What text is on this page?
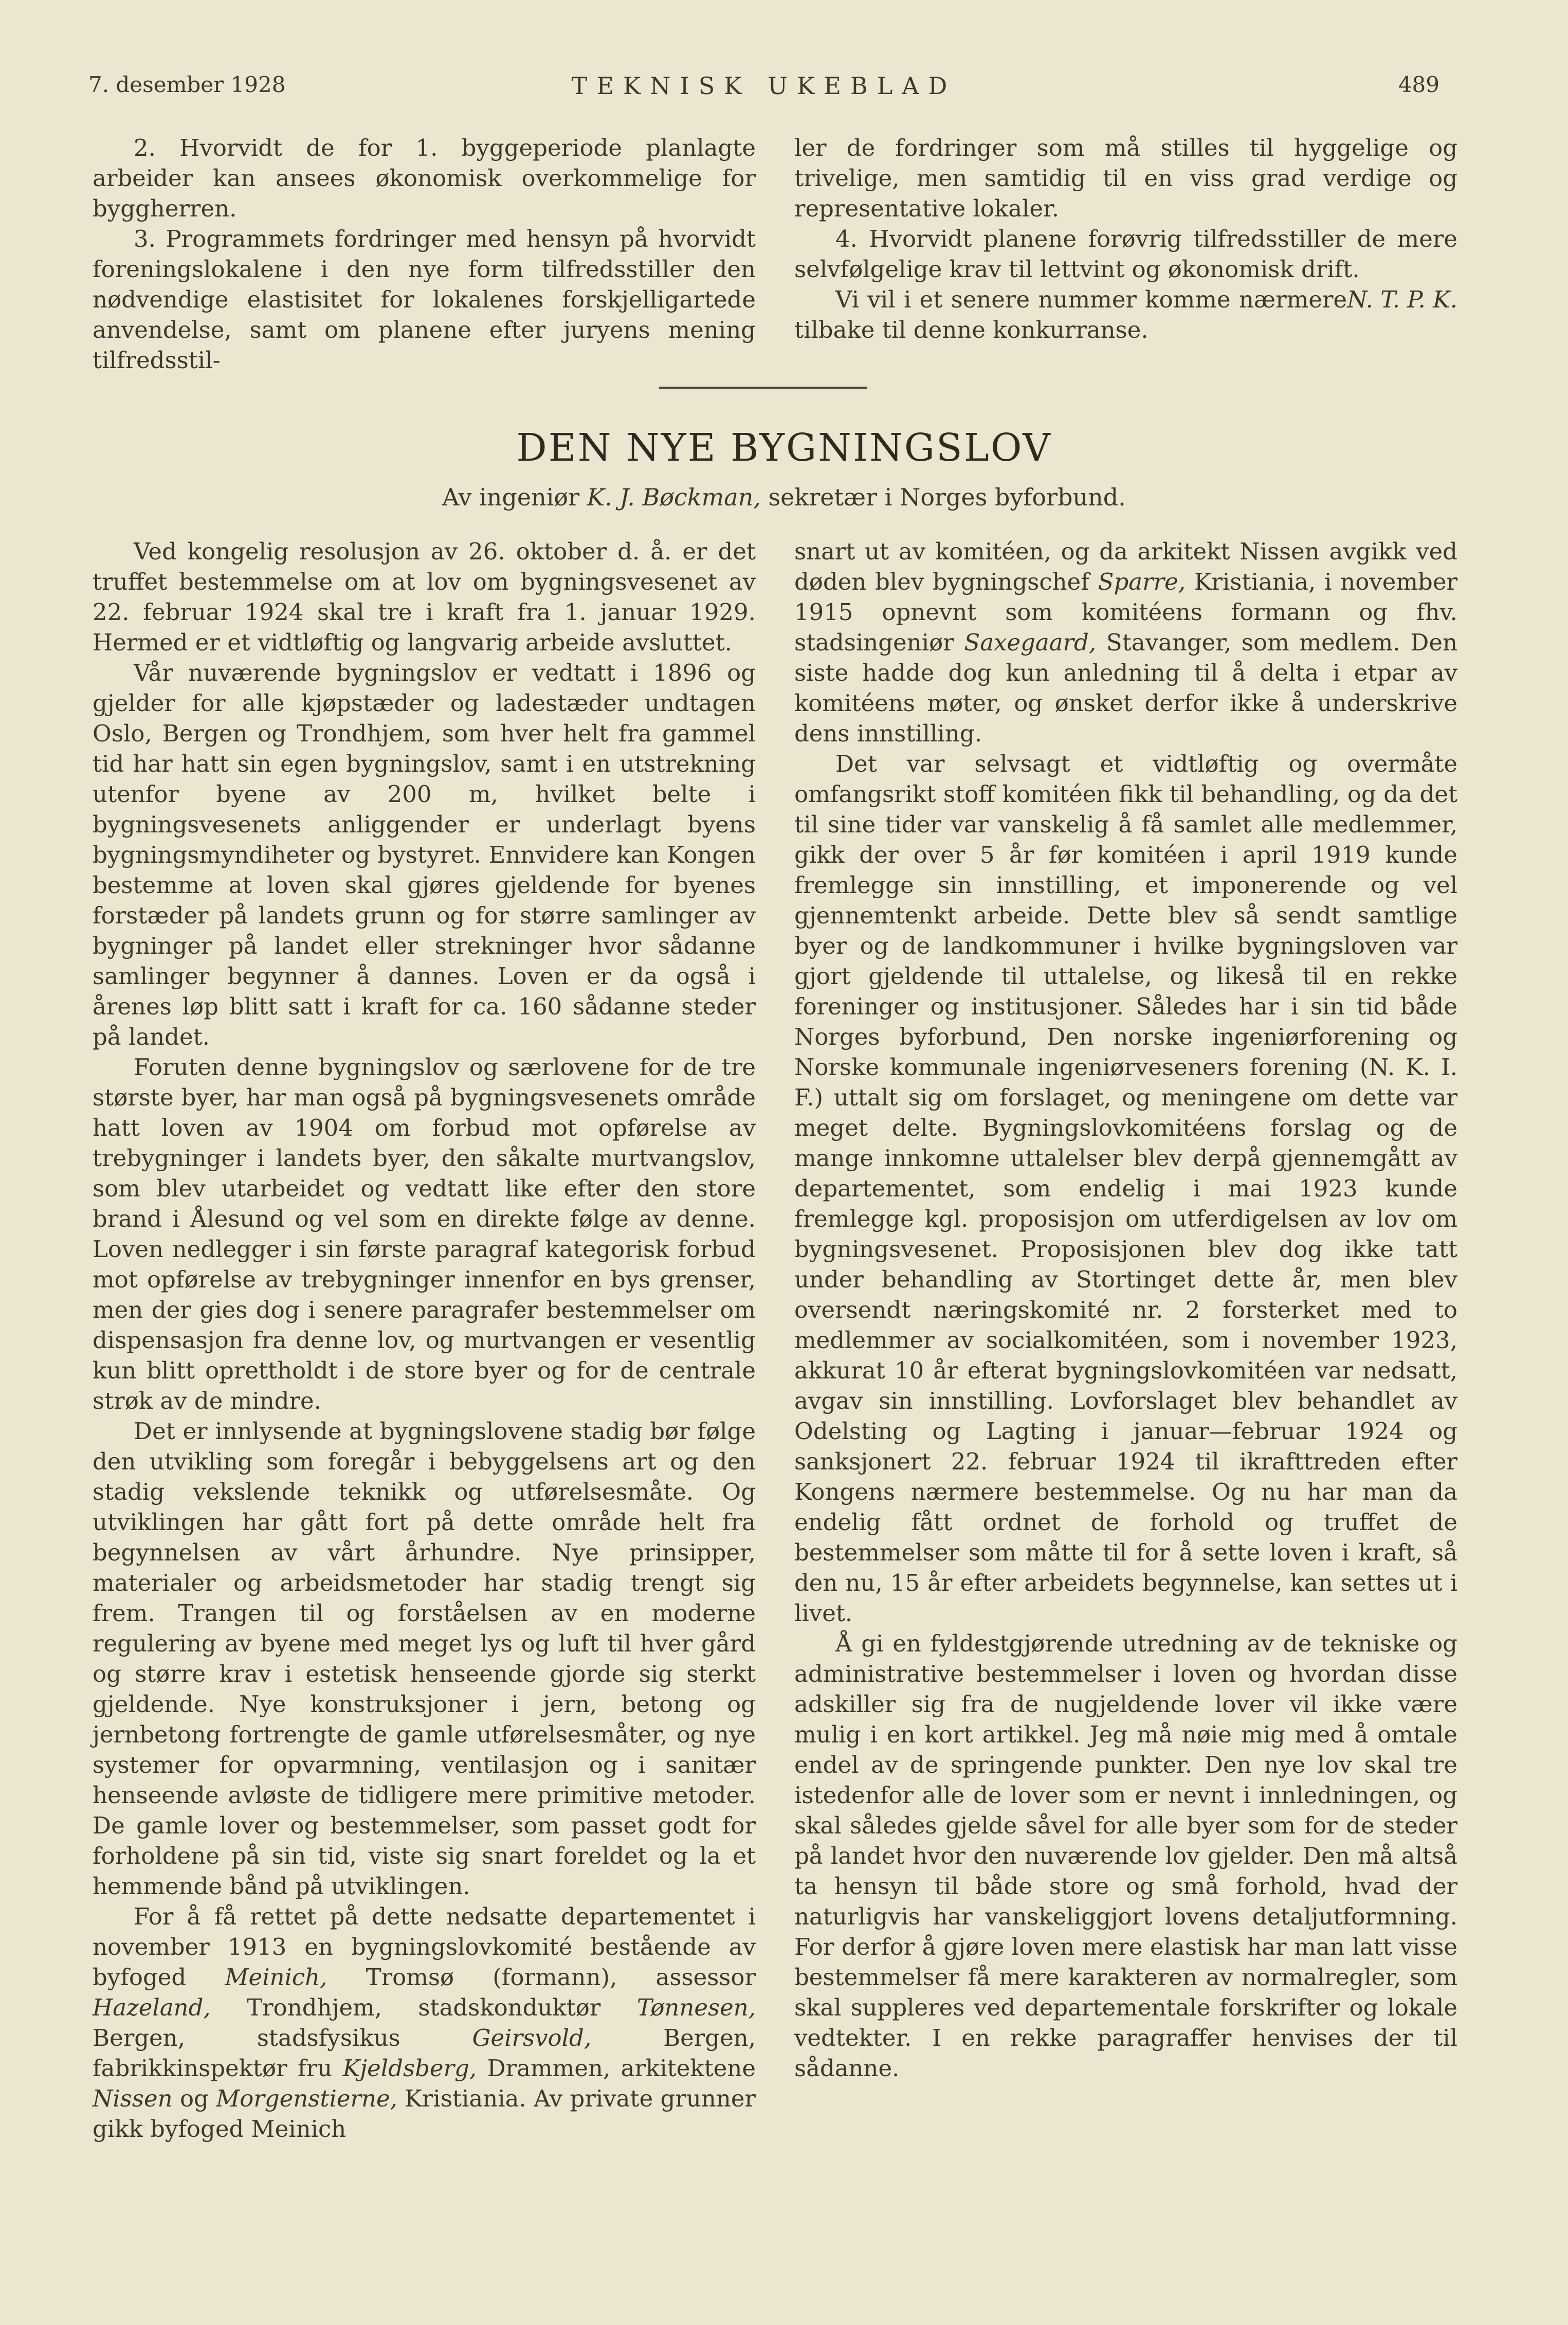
7. desember 1928	TEKNISK UKEBLAD	489

2. Hvorvidt de for 1. byggeperiode planlagte arbeider kan ansees økonomisk overkommelige for byggherren.

3. Programmets fordringer med hensyn på hvorvidt foreningslokalene i den nye form tilfredsstiller den nødvendige elastisitet for lokalenes forskjelligartede anvendelse, samt om planene efter juryens mening tilfredsstil-

ler de fordringer som må stilles til hyggelige og trivelige, men samtidig til en viss grad verdige og representative lokaler.

4. Hvorvidt planene forøvrig tilfredsstiller de mere selvfølgelige krav til lettvint og økonomisk drift.

N. T. P. K.
Vi vil i et senere nummer komme nærmere tilbake til denne konkurranse.

DEN NYE BYGNINGSLOV
Av ingeniør K. J. Bøckman, sekretær i Norges byforbund.

Ved kongelig resolusjon av 26. oktober d. å. er det truffet bestemmelse om at lov om bygningsvesenet av 22. februar 1924 skal tre i kraft fra 1. januar 1929. Hermed er et vidtløftig og langvarig arbeide avsluttet.

Vår nuværende bygningslov er vedtatt i 1896 og gjelder for alle kjøpstæder og ladestæder undtagen Oslo, Bergen og Trondhjem, som hver helt fra gammel tid har hatt sin egen bygningslov, samt i en utstrekning utenfor byene av 200 m, hvilket belte i bygningsvesenets anliggender er underlagt byens bygningsmyndiheter og bystyret. Ennvidere kan Kongen bestemme at loven skal gjøres gjeldende for byenes forstæder på landets grunn og for større samlinger av bygninger på landet eller strekninger hvor sådanne samlinger begynner å dannes. Loven er da også i årenes løp blitt satt i kraft for ca. 160 sådanne steder på landet.

Foruten denne bygningslov og særlovene for de tre største byer, har man også på bygningsvesenets område hatt loven av 1904 om forbud mot opførelse av trebygninger i landets byer, den såkalte murtvangslov, som blev utarbeidet og vedtatt like efter den store brand i Ålesund og vel som en direkte følge av denne. Loven nedlegger i sin første paragraf kategorisk forbud mot opførelse av trebygninger innenfor en bys grenser, men der gies dog i senere paragrafer bestemmelser om dispensasjon fra denne lov, og murtvangen er vesentlig kun blitt oprettholdt i de store byer og for de centrale strøk av de mindre.

Det er innlysende at bygningslovene stadig bør følge den utvikling som foregår i bebyggelsens art og den stadig vekslende teknikk og utførelsesmåte. Og utviklingen har gått fort på dette område helt fra begynnelsen av vårt århundre. Nye prinsipper, materialer og arbeidsmetoder har stadig trengt sig frem. Trangen til og forståelsen av en moderne regulering av byene med meget lys og luft til hver gård og større krav i estetisk henseende gjorde sig sterkt gjeldende. Nye konstruksjoner i jern, betong og jernbetong fortrengte de gamle utførelsesmåter, og nye systemer for opvarmning, ventilasjon og i sanitær henseende avløste de tidligere mere primitive metoder. De gamle lover og bestemmelser, som passet godt for forholdene på sin tid, viste sig snart foreldet og la et hemmende bånd på utviklingen.

For å få rettet på dette nedsatte departementet i november 1913 en bygningslovkomité bestående av byfoged Meinich, Tromsø (formann), assessor Hazeland, Trondhjem, stadskonduktør Tønnesen, Bergen, stadsfysikus	Geirsvold,	Bergen, fabrikkinspektør fru Kjeldsberg, Drammen, arkitektene Nissen og Morgenstierne, Kristiania. Av private grunner gikk byfoged Meinich

snart ut av komitéen, og da arkitekt Nissen avgikk ved døden blev bygningschef Sparre, Kristiania, i november 1915 opnevnt som komitéens formann og fhv. stadsingeniør Saxegaard, Stavanger, som medlem. Den siste hadde dog kun anledning til å delta i etpar av komitéens møter, og ønsket derfor ikke å underskrive dens innstilling.

Det var selvsagt et vidtløftig og overmåte omfangsrikt stoff komitéen fikk til behandling, og da det til sine tider var vanskelig å få samlet alle medlemmer, gikk der over 5 år før komitéen i april 1919 kunde fremlegge sin innstilling, et imponerende og vel gjennemtenkt arbeide. Dette blev så sendt samtlige byer og de landkommuner i hvilke bygningsloven var gjort gjeldende til uttalelse, og likeså til en rekke foreninger og institusjoner. Således har i sin tid både Norges byforbund, Den norske ingeniørforening og Norske kommunale ingeniørveseners forening (N. K. I. F.) uttalt sig om forslaget, og meningene om dette var meget delte. Bygningslovkomitéens forslag og de mange innkomne uttalelser blev derpå gjennemgått av departementet, som endelig i mai 1923 kunde fremlegge kgl. proposisjon om utferdigelsen av lov om bygningsvesenet. Proposisjonen blev dog ikke tatt under behandling av Stortinget dette år, men blev oversendt næringskomité nr. 2 forsterket med to medlemmer av socialkomitéen, som i november 1923, akkurat 10 år efterat bygningslovkomitéen var nedsatt, avgav sin innstilling. Lovforslaget blev behandlet av Odelsting og Lagting i januar—februar 1924 og sanksjonert 22. februar 1924 til ikrafttreden efter Kongens nærmere bestemmelse. Og nu har man da endelig fått ordnet de forhold og truffet de bestemmelser som måtte til for å sette loven i kraft, så den nu, 15 år efter arbeidets begynnelse, kan settes ut i livet.

Å gi en fyldestgjørende utredning av de tekniske og administrative bestemmelser i loven og hvordan disse adskiller sig fra de nugjeldende lover vil ikke være mulig i en kort artikkel. Jeg må nøie mig med å omtale endel av de springende punkter. Den nye lov skal tre istedenfor alle de lover som er nevnt i innledningen, og skal således gjelde såvel for alle byer som for de steder på landet hvor den nuværende lov gjelder. Den må altså ta hensyn til både store og små forhold, hvad der naturligvis har vanskeliggjort lovens detaljutformning. For derfor å gjøre loven mere elastisk har man latt visse bestemmelser få mere karakteren av normalregler, som skal suppleres ved departementale forskrifter og lokale vedtekter. I en rekke paragraffer henvises der til sådanne.
